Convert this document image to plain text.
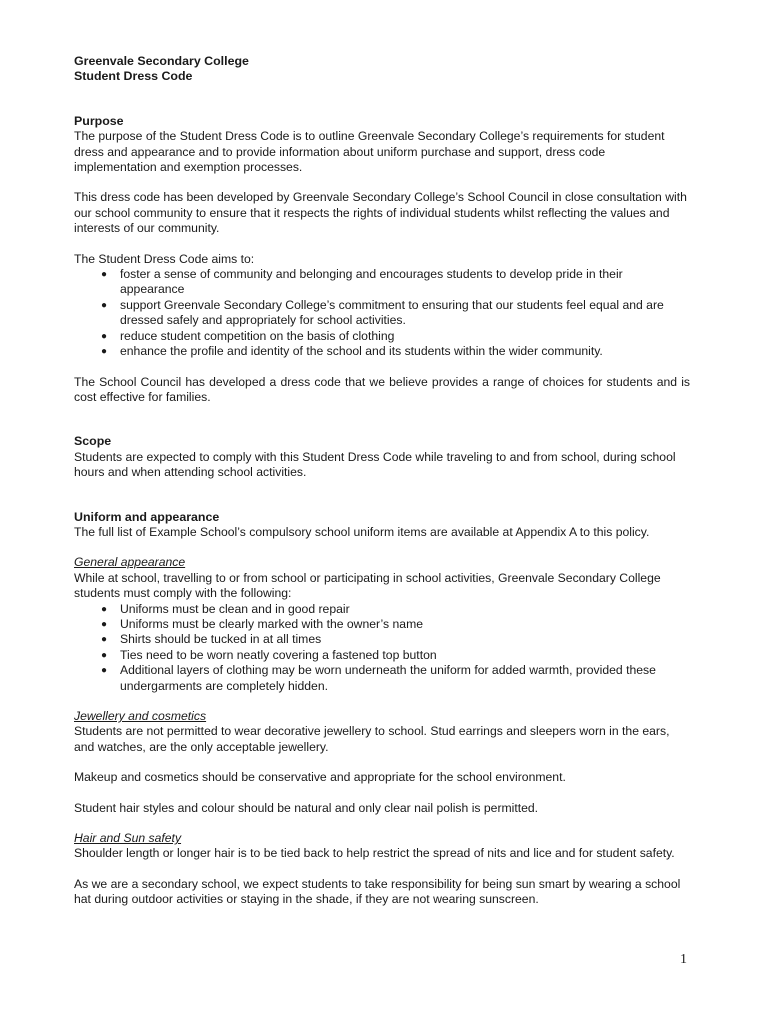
Greenvale Secondary College

Student Dress Code

Purpose

The purpose of the Student Dress Code is to outline Greenvale Secondary College’s requirements for student dress and appearance and to provide information about uniform purchase and support, dress code implementation and exemption processes.

This dress code has been developed by Greenvale Secondary College’s School Council in close consultation with our school community to ensure that it respects the rights of individual students whilst reflecting the values and interests of our community.

The Student Dress Code aims to:

● foster a sense of community and belonging and encourages students to develop pride in their appearance
● support Greenvale Secondary College’s commitment to ensuring that our students feel equal and are dressed safely and appropriately for school activities.
● reduce student competition on the basis of clothing
● enhance the profile and identity of the school and its students within the wider community.

The School Council has developed a dress code that we believe provides a range of choices for students and is cost effective for families.

Scope

Students are expected to comply with this Student Dress Code while traveling to and from school, during school hours and when attending school activities.

Uniform and appearance

The full list of Example School’s compulsory school uniform items are available at Appendix A to this policy.

General appearance

While at school, travelling to or from school or participating in school activities, Greenvale Secondary College students must comply with the following:

● Uniforms must be clean and in good repair
● Uniforms must be clearly marked with the owner’s name
● Shirts should be tucked in at all times
● Ties need to be worn neatly covering a fastened top button
● Additional layers of clothing may be worn underneath the uniform for added warmth, provided these undergarments are completely hidden.

Jewellery and cosmetics

Students are not permitted to wear decorative jewellery to school. Stud earrings and sleepers worn in the ears, and watches, are the only acceptable jewellery.

Makeup and cosmetics should be conservative and appropriate for the school environment.

Student hair styles and colour should be natural and only clear nail polish is permitted.

Hair and Sun safety

Shoulder length or longer hair is to be tied back to help restrict the spread of nits and lice and for student safety.

As we are a secondary school, we expect students to take responsibility for being sun smart by wearing a school hat during outdoor activities or staying in the shade, if they are not wearing sunscreen.

1
